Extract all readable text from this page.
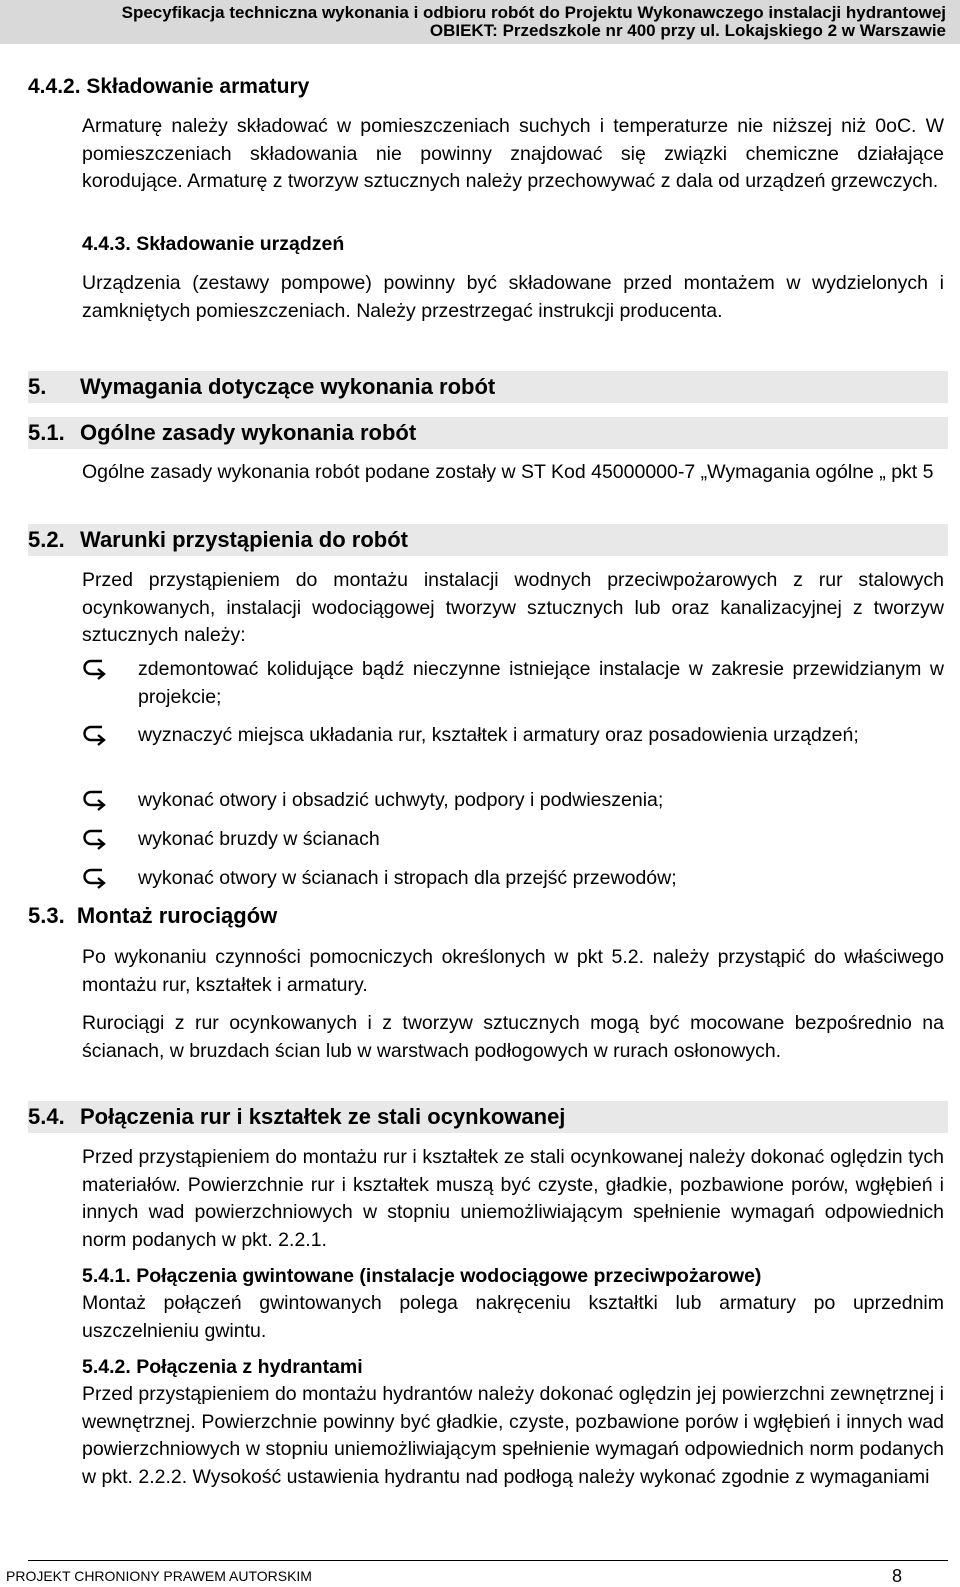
Specyfikacja techniczna wykonania i odbioru robót do Projektu Wykonawczego instalacji hydrantowej
OBIEKT: Przedszkole nr 400 przy ul. Lokajskiego 2 w Warszawie
4.4.2. Składowanie armatury

Armaturę należy składować w pomieszczeniach suchych i temperaturze nie niższej niż 0oC. W pomieszczeniach składowania nie powinny znajdować się związki chemiczne działające korodujące. Armaturę z tworzyw sztucznych należy przechowywać z dala od urządzeń grzewczych.

4.4.3. Składowanie urządzeń

Urządzenia (zestawy pompowe) powinny być składowane przed montażem w wydzielonych i zamkniętych pomieszczeniach. Należy przestrzegać instrukcji producenta.

5. Wymagania dotyczące wykonania robót
5.1. Ogólne zasady wykonania robót

Ogólne zasady wykonania robót podane zostały w ST Kod 45000000-7 „Wymagania ogólne „ pkt 5

5.2. Warunki przystąpienia do robót

Przed przystąpieniem do montażu instalacji wodnych przeciwpożarowych z rur stalowych ocynkowanych, instalacji wodociągowej tworzyw sztucznych lub oraz kanalizacyjnej z tworzyw sztucznych należy:

zdemontować kolidujące bądź nieczynne istniejące instalacje w zakresie przewidzianym w projekcie;

wyznaczyć miejsca układania rur, kształtek i armatury oraz posadowienia urządzeń;

wykonać otwory i obsadzić uchwyty, podpory i podwieszenia;

wykonać bruzdy w ścianach

wykonać otwory w ścianach i stropach dla przejść przewodów;

5.3. Montaż rurociągów

Po wykonaniu czynności pomocniczych określonych w pkt 5.2. należy przystąpić do właściwego montażu rur, kształtek i armatury.

Rurociągi z rur ocynkowanych i z tworzyw sztucznych mogą być mocowane bezpośrednio na ścianach, w bruzdach ścian lub w warstwach podłogowych w rurach osłonowych.

5.4. Połączenia rur i kształtek ze stali ocynkowanej

Przed przystąpieniem do montażu rur i kształtek ze stali ocynkowanej należy dokonać oględzin tych materiałów. Powierzchnie rur i kształtek muszą być czyste, gładkie, pozbawione porów, wgłębień i innych wad powierzchniowych w stopniu uniemożliwiającym spełnienie wymagań odpowiednich norm podanych w pkt. 2.2.1.

5.4.1. Połączenia gwintowane (instalacje wodociągowe przeciwpożarowe)

Montaż połączeń gwintowanych polega nakręceniu kształtki lub armatury po uprzednim uszczelnieniu gwintu.

5.4.2. Połączenia z hydrantami

Przed przystąpieniem do montażu hydrantów należy dokonać oględzin jej powierzchni zewnętrznej i wewnętrznej. Powierzchnie powinny być gładkie, czyste, pozbawione porów i wgłębień i innych wad powierzchniowych w stopniu uniemożliwiającym spełnienie wymagań odpowiednich norm podanych w pkt. 2.2.2. Wysokość ustawienia hydrantu nad podłogą należy wykonać zgodnie z wymaganiami

PROJEKT CHRONIONY PRAWEM AUTORSKIM	8
